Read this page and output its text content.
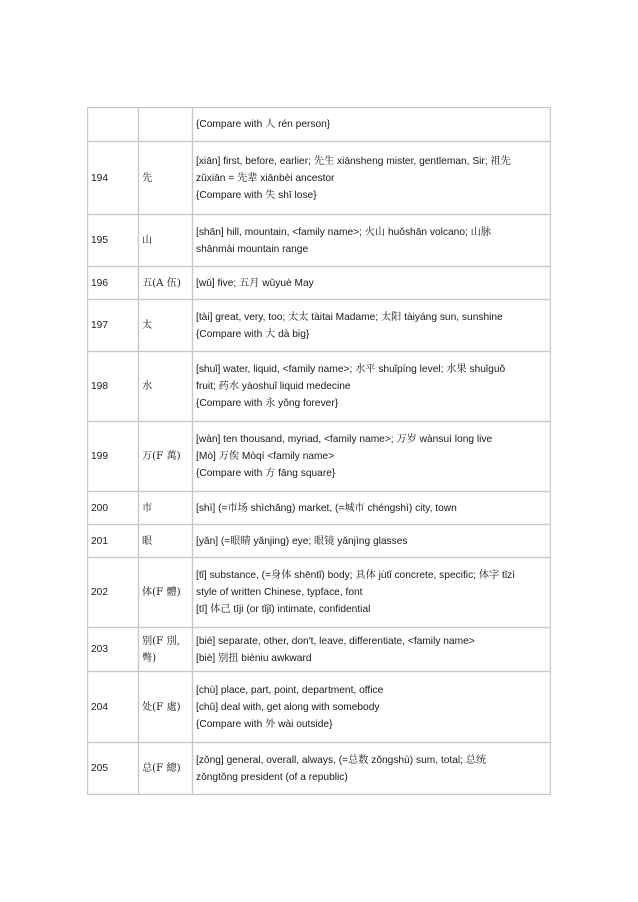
		{Compare with 人 rén person}

194	先	[xiān] first, before, earlier; 先生 xiānsheng mister, gentleman, Sir; 祖先
zǔxiān = 先辈 xiānbèi ancestor
{Compare with 失 shī lose}

195	山	[shān] hill, mountain, <family name>; 火山 huǒshān volcano; 山脉
shānmài mountain range

196	五(A 伍)	[wǔ] five; 五月 wǔyuè May

197	太	[tài] great, very, too; 太太 tàitai Madame; 太阳 tàiyáng sun, sunshine
{Compare with 大 dà big}

198	水	[shuǐ] water, liquid, <family name>; 水平 shuǐpíng level; 水果 shuǐguǒ
fruit; 药水 yàoshuǐ liquid medecine
{Compare with 永 yǒng forever}

199	万(F 萬)	[wàn] ten thousand, myriad, <family name>; 万岁 wànsuì long live
[Mò] 万俟 Mòqí <family name>
{Compare with 方 fāng square}

200	市	[shì] (=市场 shìchǎng) market, (=城市 chéngshì) city, town

201	眼	[yǎn] (=眼睛 yǎnjing) eye; 眼镜 yǎnjìng glasses

202	体(F 體)	[tǐ] substance, (=身体 shēntǐ) body; 具体 jùtǐ concrete, specific; 体字 tǐzì
style of written Chinese, typface, font
[tī] 体己 tīji (or tǐjǐ) intimate, confidential

203	别(F 別, 彆)	[bié] separate, other, don't, leave, differentiate, <family name>
[biè] 别扭 bièniu awkward

204	处(F 處)	[chù] place, part, point, department, office
[chǔ] deal with, get along with somebody
{Compare with 外 wài outside}

205	总(F 總)	[zǒng] general, overall, always, (=总数 zǒngshù) sum, total; 总统
zǒngtǒng president (of a republic)
